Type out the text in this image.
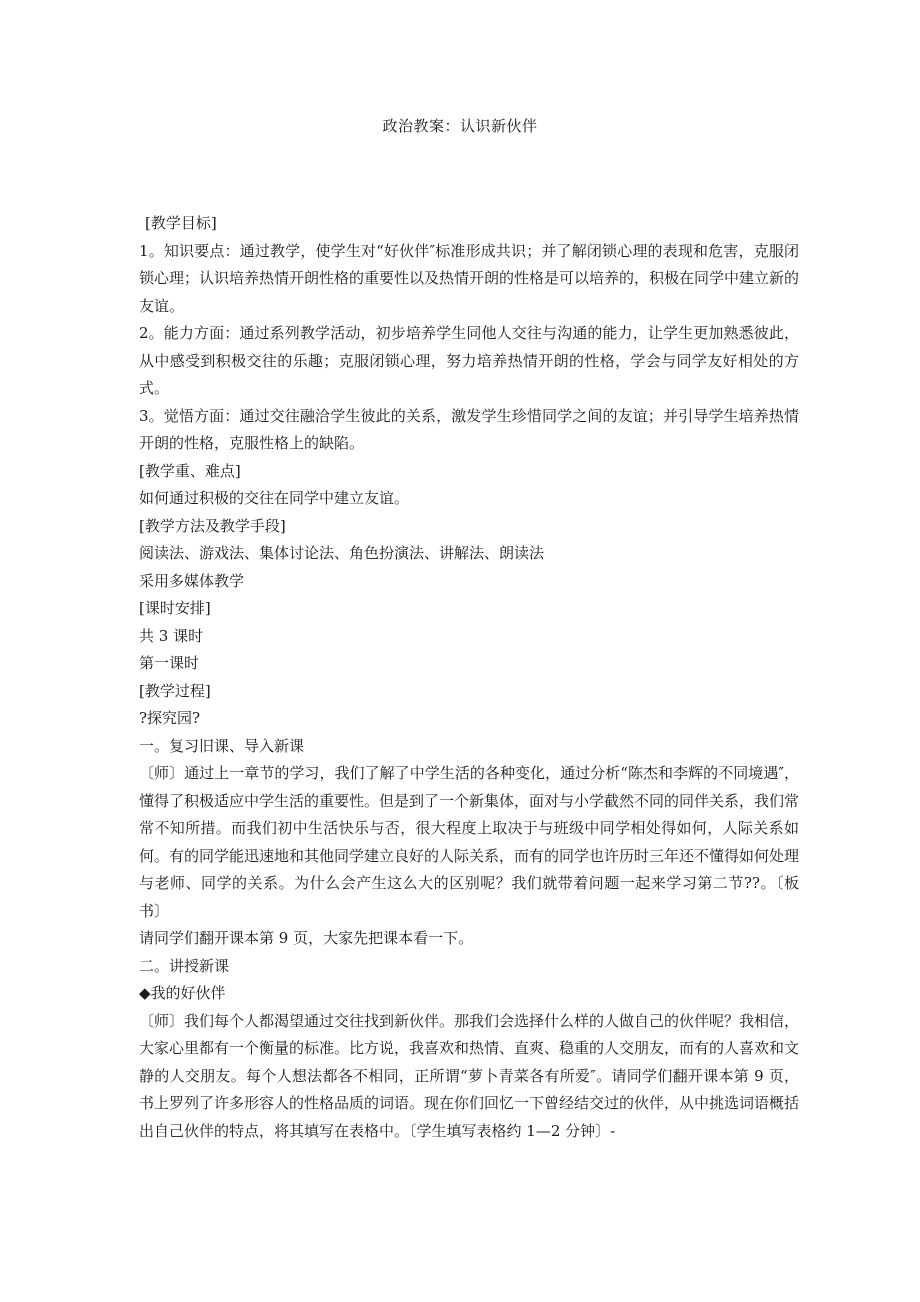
政治教案：认识新伙伴

[教学目标]

1。知识要点：通过教学，使学生对“好伙伴″标准形成共识；并了解闭锁心理的表现和危害，克服闭锁心理；认识培养热情开朗性格的重要性以及热情开朗的性格是可以培养的，积极在同学中建立新的友谊。

2。能力方面：通过系列教学活动，初步培养学生同他人交往与沟通的能力，让学生更加熟悉彼此，从中感受到积极交往的乐趣；克服闭锁心理，努力培养热情开朗的性格，学会与同学友好相处的方式。

3。觉悟方面：通过交往融洽学生彼此的关系，激发学生珍惜同学之间的友谊；并引导学生培养热情开朗的性格，克服性格上的缺陷。

[教学重、难点]

如何通过积极的交往在同学中建立友谊。

[教学方法及教学手段]

阅读法、游戏法、集体讨论法、角色扮演法、讲解法、朗读法

采用多媒体教学

[课时安排]

共 3 课时

第一课时

[教学过程]

?探究园?

一。复习旧课、导入新课

〔师〕通过上一章节的学习，我们了解了中学生活的各种变化，通过分析“陈杰和李辉的不同境遇″，懂得了积极适应中学生活的重要性。但是到了一个新集体，面对与小学截然不同的同伴关系，我们常常不知所措。而我们初中生活快乐与否，很大程度上取决于与班级中同学相处得如何，人际关系如何。有的同学能迅速地和其他同学建立良好的人际关系，而有的同学也许历时三年还不懂得如何处理与老师、同学的关系。为什么会产生这么大的区别呢？我们就带着问题一起来学习第二节??。〔板书〕

请同学们翻开课本第 9 页，大家先把课本看一下。

二。讲授新课

◆我的好伙伴

〔师〕我们每个人都渴望通过交往找到新伙伴。那我们会选择什么样的人做自己的伙伴呢？我相信，大家心里都有一个衡量的标准。比方说，我喜欢和热情、直爽、稳重的人交朋友，而有的人喜欢和文静的人交朋友。每个人想法都各不相同，正所谓“萝卜青菜各有所爱″。请同学们翻开课本第 9 页，书上罗列了许多形容人的性格品质的词语。现在你们回忆一下曾经结交过的伙伴，从中挑选词语概括出自己伙伴的特点，将其填写在表格中。〔学生填写表格约 1—2 分钟〕-
